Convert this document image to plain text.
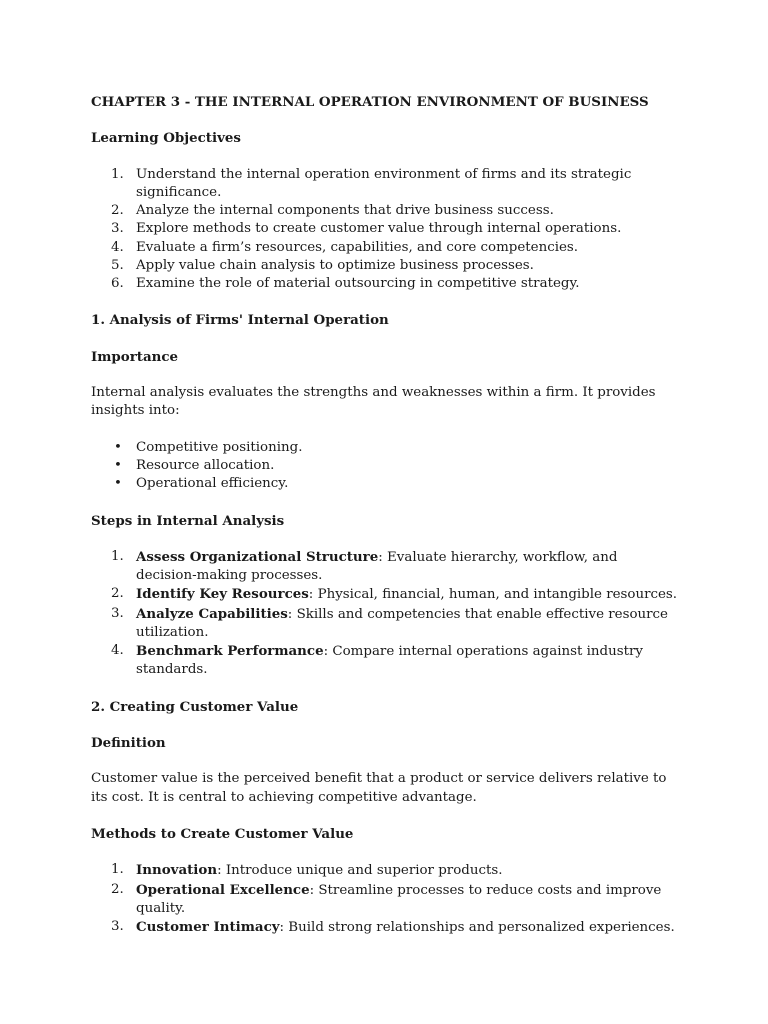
CHAPTER 3 - THE INTERNAL OPERATION ENVIRONMENT OF BUSINESS

Learning Objectives

1. Understand the internal operation environment of firms and its strategic significance.
2. Analyze the internal components that drive business success.
3. Explore methods to create customer value through internal operations.
4. Evaluate a firm’s resources, capabilities, and core competencies.
5. Apply value chain analysis to optimize business processes.
6. Examine the role of material outsourcing in competitive strategy.

1. Analysis of Firms' Internal Operation

Importance

Internal analysis evaluates the strengths and weaknesses within a firm. It provides insights into:

• Competitive positioning.
• Resource allocation.
• Operational efficiency.

Steps in Internal Analysis

1. Assess Organizational Structure: Evaluate hierarchy, workflow, and decision-making processes.
2. Identify Key Resources: Physical, financial, human, and intangible resources.
3. Analyze Capabilities: Skills and competencies that enable effective resource utilization.
4. Benchmark Performance: Compare internal operations against industry standards.

2. Creating Customer Value

Definition

Customer value is the perceived benefit that a product or service delivers relative to its cost. It is central to achieving competitive advantage.

Methods to Create Customer Value

1. Innovation: Introduce unique and superior products.
2. Operational Excellence: Streamline processes to reduce costs and improve quality.
3. Customer Intimacy: Build strong relationships and personalized experiences.
